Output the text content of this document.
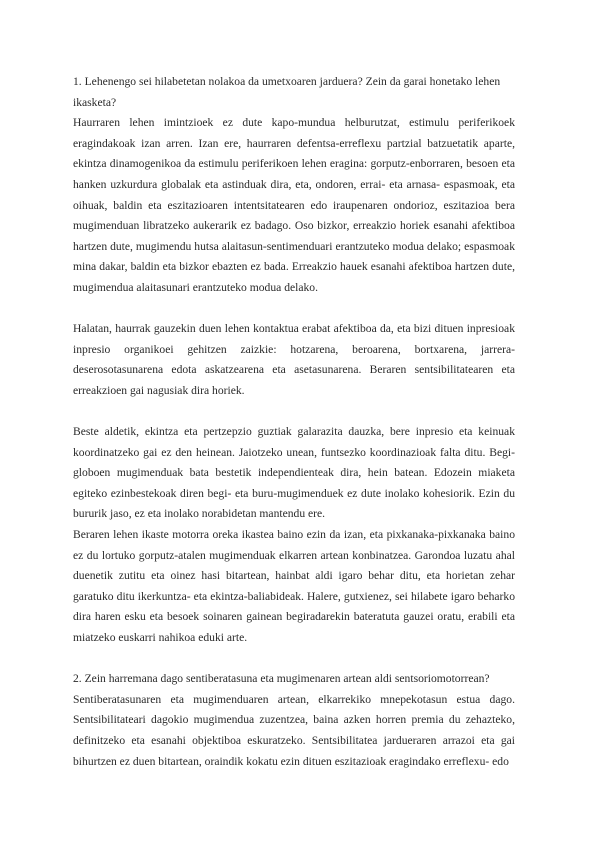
1. Lehenengo sei hilabetetan nolakoa da umetxoaren jarduera? Zein da garai honetako lehen ikasketa?

Haurraren lehen imintzioek ez dute kapo-mundua helburutzat, estimulu periferikoek eragindakoak izan arren. Izan ere, haurraren defentsa-erreflexu partzial batzuetatik aparte, ekintza dinamogenikoa da estimulu periferikoen lehen eragina: gorputz-enborraren, besoen eta hanken uzkurdura globalak eta astinduak dira, eta, ondoren, errai- eta arnasa- espasmoak, eta oihuak, baldin eta eszitazioaren intentsitatearen edo iraupenaren ondorioz, eszitazioa bera mugimenduan libratzeko aukerarik ez badago. Oso bizkor, erreakzio horiek esanahi afektiboa hartzen dute, mugimendu hutsa alaitasun-sentimenduari erantzuteko modua delako; espasmoak mina dakar, baldin eta bizkor ebazten ez bada. Erreakzio hauek esanahi afektiboa hartzen dute, mugimendua alaitasunari erantzuteko modua delako.

Halatan, haurrak gauzekin duen lehen kontaktua erabat afektiboa da, eta bizi dituen inpresioak inpresio organikoei gehitzen zaizkie: hotzarena, beroarena, bortxarena, jarrera-deserosotasunarena edota askatzearena eta asetasunarena. Beraren sentsibilitatearen eta erreakzioen gai nagusiak dira horiek.

Beste aldetik, ekintza eta pertzepzio guztiak galarazita dauzka, bere inpresio eta keinuak koordinatzeko gai ez den heinean. Jaiotzeko unean, funtsezko koordinazioak falta ditu. Begi-globoen mugimenduak bata bestetik independienteak dira, hein batean. Edozein miaketa egiteko ezinbestekoak diren begi- eta buru-mugimenduek ez dute inolako kohesiorik. Ezin du bururik jaso, ez eta inolako norabidetan mantendu ere.

Beraren lehen ikaste motorra oreka ikastea baino ezin da izan, eta pixkanaka-pixkanaka baino ez du lortuko gorputz-atalen mugimenduak elkarren artean konbinatzea. Garondoa luzatu ahal duenetik zutitu eta oinez hasi bitartean, hainbat aldi igaro behar ditu, eta horietan zehar garatuko ditu ikerkuntza- eta ekintza-baliabideak. Halere, gutxienez, sei hilabete igaro beharko dira haren esku eta besoek soinaren gainean begiradarekin bateratuta gauzei oratu, erabili eta miatzeko euskarri nahikoa eduki arte.

2. Zein harremana dago sentiberatasuna eta mugimenaren artean aldi sentsoriomotorrean?

Sentiberatasunaren eta mugimenduaren artean, elkarrekiko mnepekotasun estua dago. Sentsibilitateari dagokio mugimendua zuzentzea, baina azken horren premia du zehazteko, definitzeko eta esanahi objektiboa eskuratzeko. Sentsibilitatea jardueraren arrazoi eta gai bihurtzen ez duen bitartean, oraindik kokatu ezin dituen eszitazioak eragindako erreflexu- edo
